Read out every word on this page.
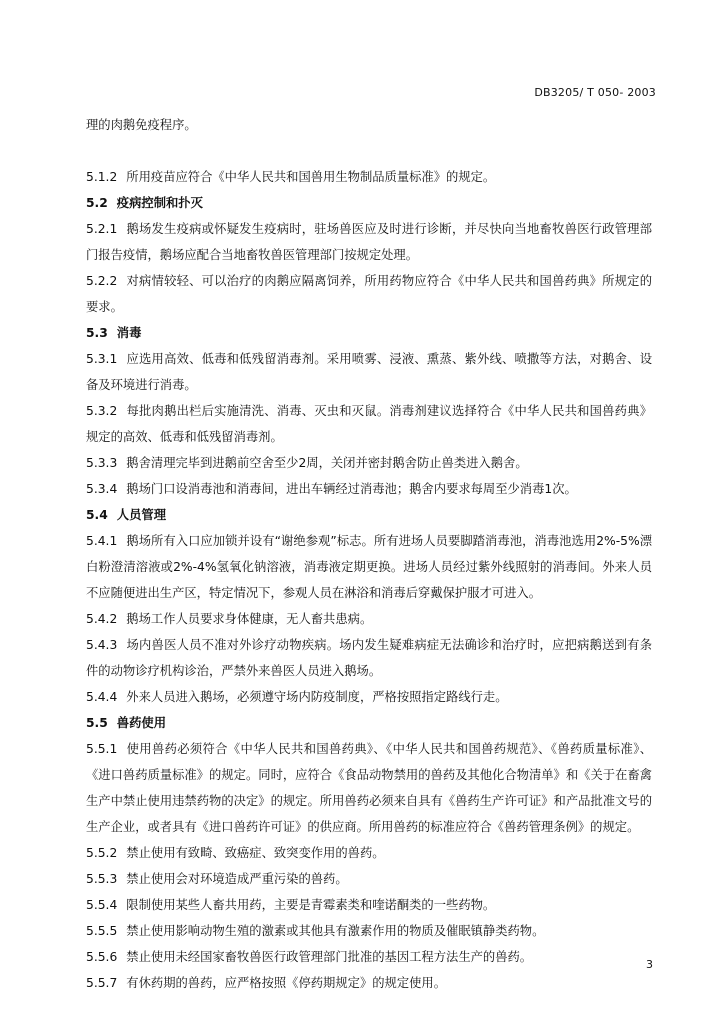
DB3205/ T 050- 2003

理的肉鹅免疫程序。

5.1.2 所用疫苗应符合《中华人民共和国兽用生物制品质量标准》的规定。

5.2 疫病控制和扑灭

5.2.1 鹅场发生疫病或怀疑发生疫病时，驻场兽医应及时进行诊断，并尽快向当地畜牧兽医行政管理部门报告疫情，鹅场应配合当地畜牧兽医管理部门按规定处理。

5.2.2 对病情较轻、可以治疗的肉鹅应隔离饲养，所用药物应符合《中华人民共和国兽药典》所规定的要求。

5.3 消毒

5.3.1 应选用高效、低毒和低残留消毒剂。采用喷雾、浸液、熏蒸、紫外线、喷撒等方法，对鹅舍、设备及环境进行消毒。

5.3.2 每批肉鹅出栏后实施清洗、消毒、灭虫和灭鼠。消毒剂建议选择符合《中华人民共和国兽药典》规定的高效、低毒和低残留消毒剂。

5.3.3 鹅舍清理完毕到进鹅前空舍至少2周，关闭并密封鹅舍防止兽类进入鹅舍。

5.3.4 鹅场门口设消毒池和消毒间，进出车辆经过消毒池；鹅舍内要求每周至少消毒1次。

5.4 人员管理

5.4.1 鹅场所有入口应加锁并设有“谢绝参观”标志。所有进场人员要脚踏消毒池，消毒池选用2%-5%漂白粉澄清溶液或2%-4%氢氧化钠溶液，消毒液定期更换。进场人员经过紫外线照射的消毒间。外来人员不应随便进出生产区，特定情况下，参观人员在淋浴和消毒后穿戴保护服才可进入。

5.4.2 鹅场工作人员要求身体健康，无人畜共患病。

5.4.3 场内兽医人员不准对外诊疗动物疾病。场内发生疑难病症无法确诊和治疗时，应把病鹅送到有条件的动物诊疗机构诊治，严禁外来兽医人员进入鹅场。

5.4.4 外来人员进入鹅场，必须遵守场内防疫制度，严格按照指定路线行走。

5.5 兽药使用

5.5.1 使用兽药必须符合《中华人民共和国兽药典》、《中华人民共和国兽药规范》、《兽药质量标准》、《进口兽药质量标准》的规定。同时，应符合《食品动物禁用的兽药及其他化合物清单》和《关于在畜禽生产中禁止使用违禁药物的决定》的规定。所用兽药必须来自具有《兽药生产许可证》和产品批准文号的生产企业，或者具有《进口兽药许可证》的供应商。所用兽药的标准应符合《兽药管理条例》的规定。

5.5.2 禁止使用有致畸、致癌症、致突变作用的兽药。

5.5.3 禁止使用会对环境造成严重污染的兽药。

5.5.4 限制使用某些人畜共用药，主要是青霉素类和喹诺酮类的一些药物。

5.5.5 禁止使用影响动物生殖的激素或其他具有激素作用的物质及催眠镇静类药物。

5.5.6 禁止使用未经国家畜牧兽医行政管理部门批准的基因工程方法生产的兽药。

5.5.7 有休药期的兽药，应严格按照《停药期规定》的规定使用。

3
